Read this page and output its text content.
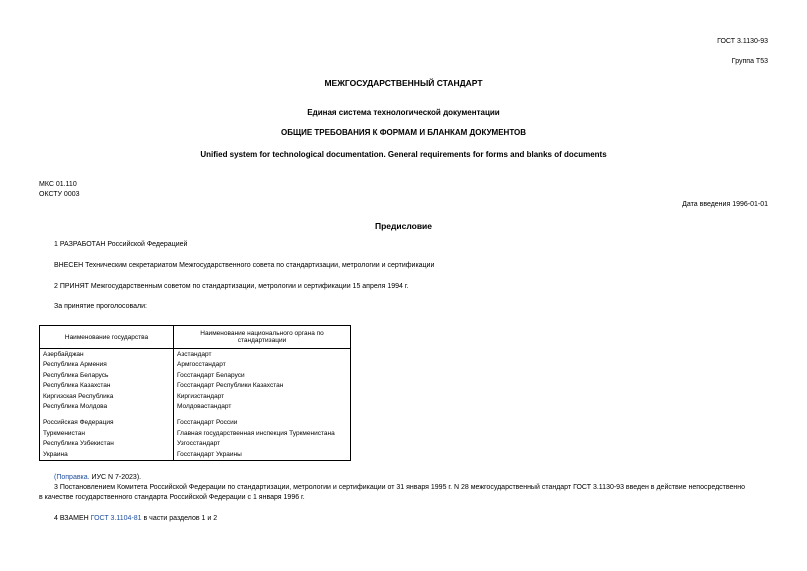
ГОСТ 3.1130-93
Группа Т53
МЕЖГОСУДАРСТВЕННЫЙ СТАНДАРТ
Единая система технологической документации
ОБЩИЕ ТРЕБОВАНИЯ К ФОРМАМ И БЛАНКАМ ДОКУМЕНТОВ
Unified system for technological documentation. General requirements for forms and blanks of documents
МКС 01.110
ОКСТУ 0003
Дата введения 1996-01-01
Предисловие
1 РАЗРАБОТАН Российской Федерацией
ВНЕСЕН Техническим секретариатом Межгосударственного совета по стандартизации, метрологии и сертификации
2 ПРИНЯТ Межгосударственным советом по стандартизации, метрологии и сертификации 15 апреля 1994 г.
За принятие проголосовали:
Наименование государства	Наименование национального органа по стандартизации
Азербайджан	Азстандарт
Республика Армения	Армгосстандарт
Республика Беларусь	Госстандарт Беларуси
Республика Казахстан	Госстандарт Республики Казахстан
Киргизская Республика	Киргизстандарт
Республика Молдова	Молдовастандарт

Российская Федерация	Госстандарт России
Туркменистан	Главная государственная инспекция Туркменистана
Республика Узбекистан	Узгосстандарт
Украина	Госстандарт Украины
(Поправка. ИУС N 7-2023).
3 Постановлением Комитета Российской Федерации по стандартизации, метрологии и сертификации от 31 января 1995 г. N 28 межгосударственный стандарт ГОСТ 3.1130-93 введен в действие непосредственно
в качестве государственного стандарта Российской Федерации с 1 января 1996 г.
4 ВЗАМЕН ГОСТ 3.1104-81 в части разделов 1 и 2
